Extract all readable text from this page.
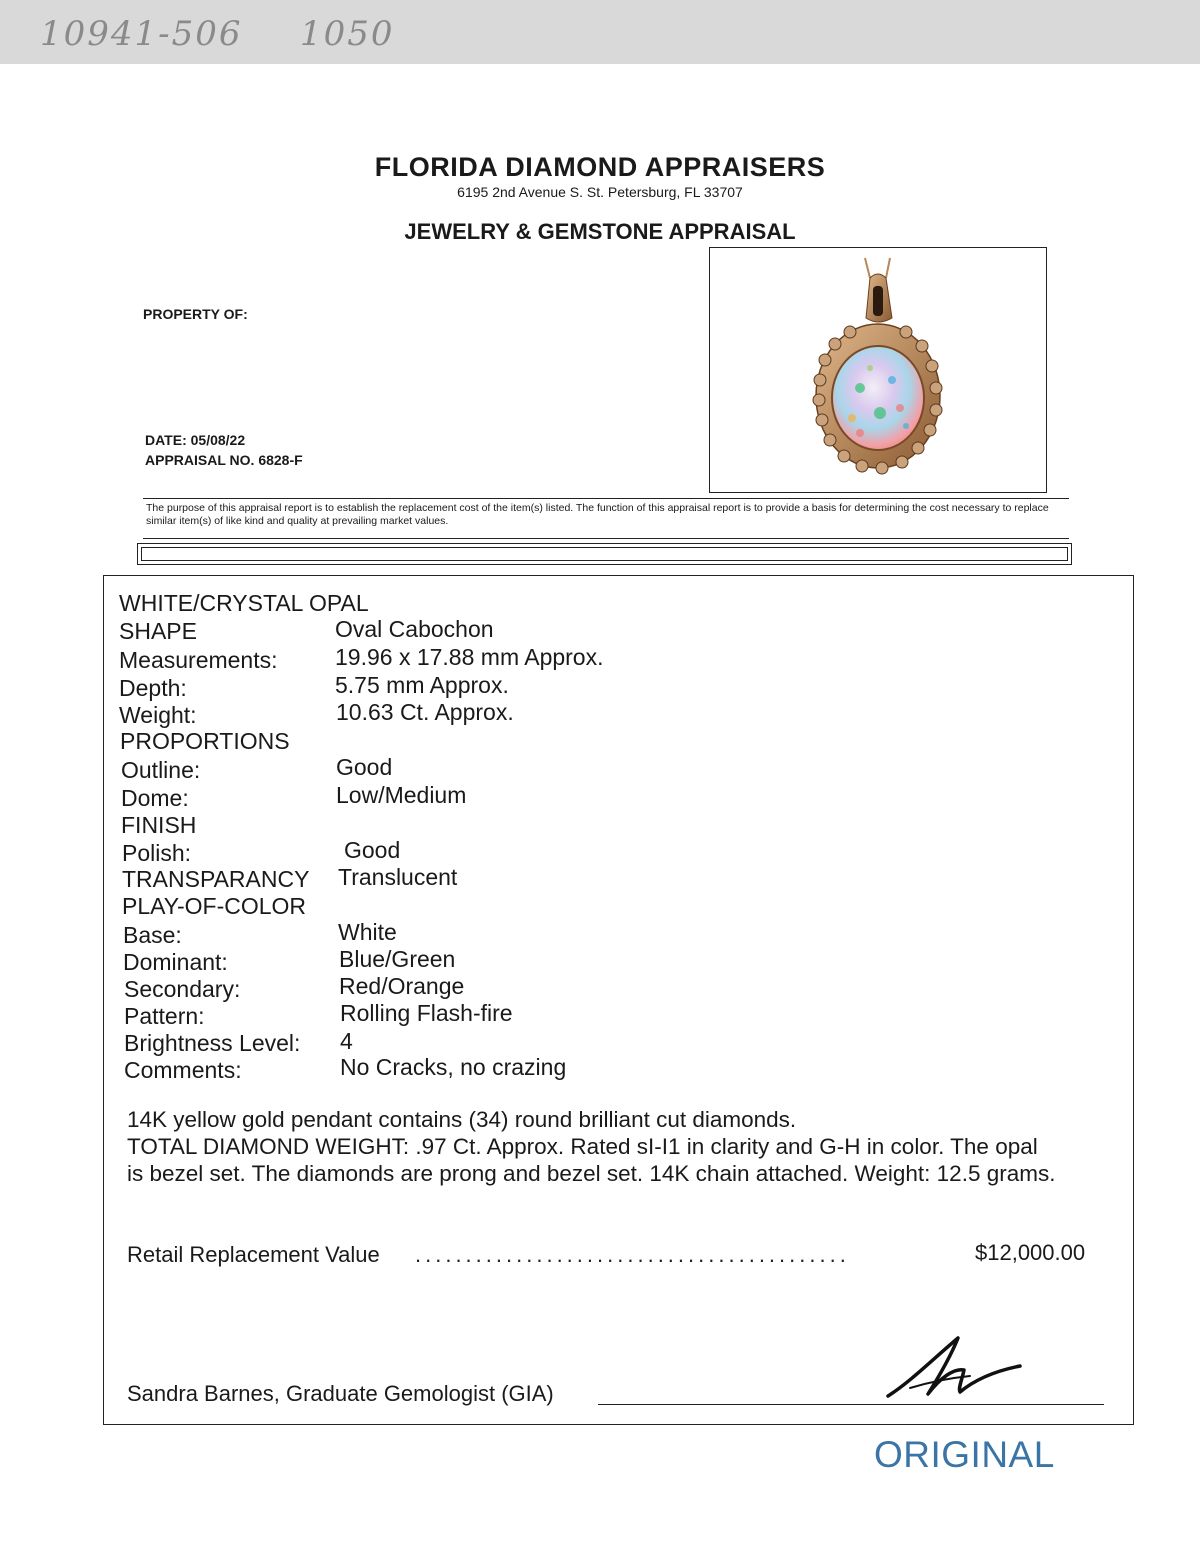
10941-506 1050
FLORIDA DIAMOND APPRAISERS
6195 2nd Avenue S. St. Petersburg, FL 33707
JEWELRY & GEMSTONE APPRAISAL
PROPERTY OF:
DATE: 05/08/22
APPRAISAL NO. 6828-F
The purpose of this appraisal report is to establish the replacement cost of the item(s) listed. The function of this appraisal report is to provide a basis for determining the cost necessary to replace similar item(s) of like kind and quality at prevailing market values.
WHITE/CRYSTAL OPAL
SHAPE	Oval Cabochon
Measurements: 19.96 x 17.88 mm Approx.
Depth:	5.75 mm Approx.
Weight:	10.63 Ct. Approx.
PROPORTIONS
Outline:	Good
Dome:	Low/Medium
FINISH
Polish:	Good
TRANSPARANCY Translucent
PLAY-OF-COLOR
Base:	White
Dominant:	Blue/Green
Secondary:	Red/Orange
Pattern:	Rolling Flash-fire
Brightness Level: 4
Comments:	No Cracks, no crazing
14K yellow gold pendant contains (34) round brilliant cut diamonds.
TOTAL DIAMOND WEIGHT: .97 Ct. Approx. Rated sI-I1 in clarity and G-H in color. The opal
is bezel set. The diamonds are prong and bezel set. 14K chain attached. Weight: 12.5 grams.
Retail Replacement Value ...........................................	$12,000.00
Sandra Barnes, Graduate Gemologist (GIA)
ORIGINAL
